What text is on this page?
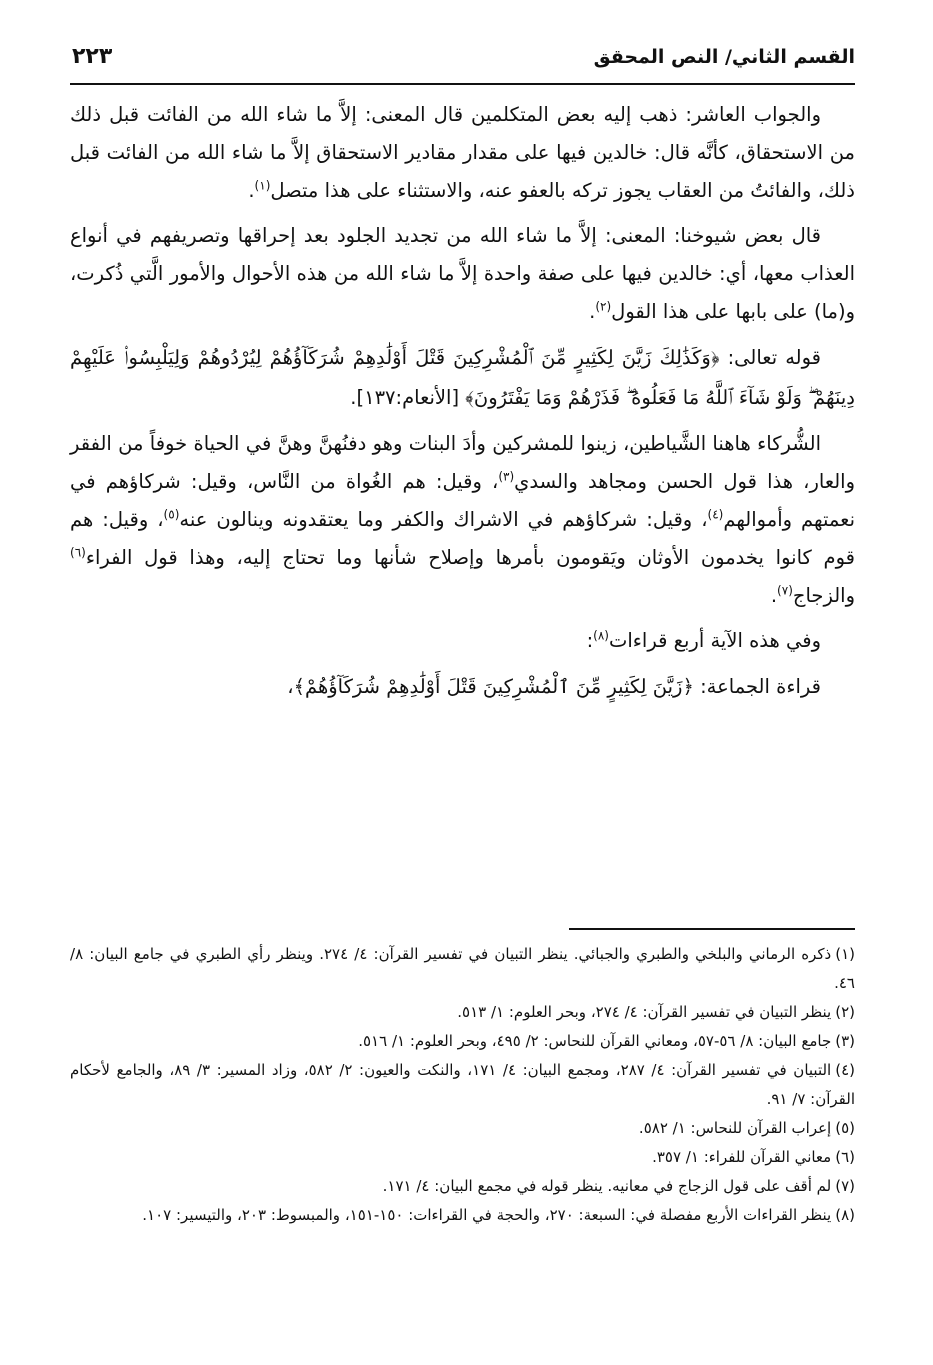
القسم الثاني/ النص المحقق
٢٢٣

والجواب العاشر: ذهب إليه بعض المتكلمين قال المعنى: إلاَّ ما شاء الله من الفائت قبل ذلك من الاستحقاق، كأنَّه قال: خالدين فيها على مقدار مقادير الاستحقاق إلاَّ ما شاء الله من الفائت قبل ذلك، والفائتُ من العقاب يجوز تركه بالعفو عنه، والاستثناء على هذا متصل$^{(١)}$.

قال بعض شيوخنا: المعنى: إلاَّ ما شاء الله من تجديد الجلود بعد إحراقها وتصريفهم في أنواع العذاب معها، أي: خالدين فيها على صفة واحدة إلاَّ ما شاء الله من هذه الأحوال والأمور الَّتي ذُكرت، و(ما) على بابها على هذا القول$^{(٢)}$.

قوله تعالى: ﴿وَكَذَٰلِكَ زَيَّنَ لِكَثِيرٍ مِّنَ ٱلْمُشْرِكِينَ قَتْلَ أَوْلَٰدِهِمْ شُرَكَآؤُهُمْ لِيُرْدُوهُمْ وَلِيَلْبِسُوا۟ عَلَيْهِمْ دِينَهُمْ ۖ وَلَوْ شَآءَ ٱللَّهُ مَا فَعَلُوهُ ۖ فَذَرْهُمْ وَمَا يَفْتَرُونَ﴾ [الأنعام:١٣٧].

الشُّركاء هاهنا الشَّياطين، زينوا للمشركين وأدَ البنات وهو دفنُهنَّ وهنَّ في الحياة خوفاً من الفقر والعار، هذا قول الحسن ومجاهد والسدي$^{(٣)}$، وقيل: هم الغُواة من النَّاس، وقيل: شركاؤهم في نعمتهم وأموالهم$^{(٤)}$، وقيل: شركاؤهم في الاشراك والكفر وما يعتقدونه وينالون عنه$^{(٥)}$، وقيل: هم قوم كانوا يخدمون الأوثان ويَقومون بأمرها وإصلاح شأنها وما تحتاج إليه، وهذا قول الفراء$^{(٦)}$ والزجاج$^{(٧)}$.

وفي هذه الآية أربع قراءات$^{(٨)}$:

قراءة الجماعة: ﴿زَيَّنَ لِكَثِيرٍ مِّنَ ٱلْمُشْرِكِينَ قَتْلَ أَوْلَٰدِهِمْ شُرَكَآؤُهُمْ﴾،

(١)ذكره الرماني والبلخي والطبري والجبائي. ينظر التبيان في تفسير القرآن: ٤/ ٢٧٤. وينظر رأي الطبري في جامع البيان: ٨/ ٤٦.

(٢)ينظر التبيان في تفسير القرآن: ٤/ ٢٧٤، وبحر العلوم: ١/ ٥١٣.

(٣)جامع البيان: ٨/ ٥٦-٥٧، ومعاني القرآن للنحاس: ٢/ ٤٩٥، وبحر العلوم: ١/ ٥١٦.

(٤)التبيان في تفسير القرآن: ٤/ ٢٨٧، ومجمع البيان: ٤/ ١٧١، والنكت والعيون: ٢/ ٥٨٢، وزاد المسير: ٣/ ٨٩، والجامع لأحكام القرآن: ٧/ ٩١.

(٥)إعراب القرآن للنحاس: ١/ ٥٨٢.

(٦)معاني القرآن للفراء: ١/ ٣٥٧.

(٧)لم أقف على قول الزجاج في معانيه. ينظر قوله في مجمع البيان: ٤/ ١٧١.

(٨)ينظر القراءات الأربع مفصلة في: السبعة: ٢٧٠، والحجة في القراءات: ١٥٠-١٥١، والمبسوط: ٢٠٣، والتيسير: ١٠٧.
